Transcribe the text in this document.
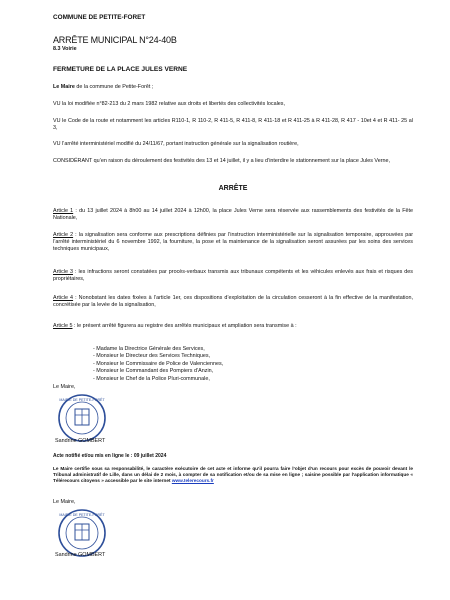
COMMUNE DE PETITE-FORET
ARRÊTE MUNICIPAL N°24-40B
8.3 Voirie
FERMETURE DE LA PLACE JULES VERNE
Le Maire de la commune de Petite-Forêt ;
VU la loi modifiée n°82-213 du 2 mars 1982 relative aux droits et libertés des collectivités locales,
VU le Code de la route et notamment les articles R110-1, R 110-2, R 411-5, R 411-8, R 411-18 et R 411-25 à R 411-28, R 417 - 10et 4 et R 411- 25 al 3,
VU l’arrêté interministériel modifié du 24/11/67, portant instruction générale sur la signalisation routière,
CONSIDÉRANT qu’en raison du déroulement des festivités des 13 et 14 juillet, il y a lieu d’interdire le stationnement sur la place Jules Verne,
ARRÊTE
Article 1 : du 13 juillet 2024 à 8h00 au 14 juillet 2024 à 12h00, la place Jules Verne sera réservée aux rassemblements des festivités de la Fête Nationale,
Article 2 : la signalisation sera conforme aux prescriptions définies par l’instruction interministérielle sur la signalisation temporaire, approuvées par l’arrêté interministériel du 6 novembre 1992, la fourniture, la pose et la maintenance de la signalisation seront assurées par les soins des services techniques municipaux,
Article 3 : les infractions seront constatées par procès-verbaux transmis aux tribunaux compétents et les véhicules enlevés aux frais et risques des propriétaires,
Article 4 : Nonobstant les dates fixées à l’article 1er, ces dispositions d’exploitation de la circulation cesseront à la fin effective de la manifestation, concrétisée par la levée de la signalisation,
Article 5 : le présent arrêté figurera au registre des arrêtés municipaux et ampliation sera transmise à :
- Madame la Directrice Générale des Services,
- Monsieur le Directeur des Services Techniques,
- Monsieur le Commissaire de Police de Valenciennes,
- Monsieur le Commandant des Pompiers d’Anzin,
- Monsieur le Chef de la Police Pluri-communale,
Le Maire,
MAIRIE DE PETITE-FORÊT
Sandrine GOMBERT
Acte notifié et/ou mis en ligne le : 09 juillet 2024
Le Maire certifie sous sa responsabilité, le caractère exécutoire de cet acte et informe qu’il pourra faire l’objet d’un recours pour excès de pouvoir devant le Tribunal administratif de Lille, dans un délai de 2 mois, à compter de sa notification et/ou de sa mise en ligne ; saisine possible par l’application informatique « Télérecours citoyens » accessible par le site internet www.telerecours.fr
Le Maire,
MAIRIE DE PETITE-FORÊT
Sandrine GOMBERT
